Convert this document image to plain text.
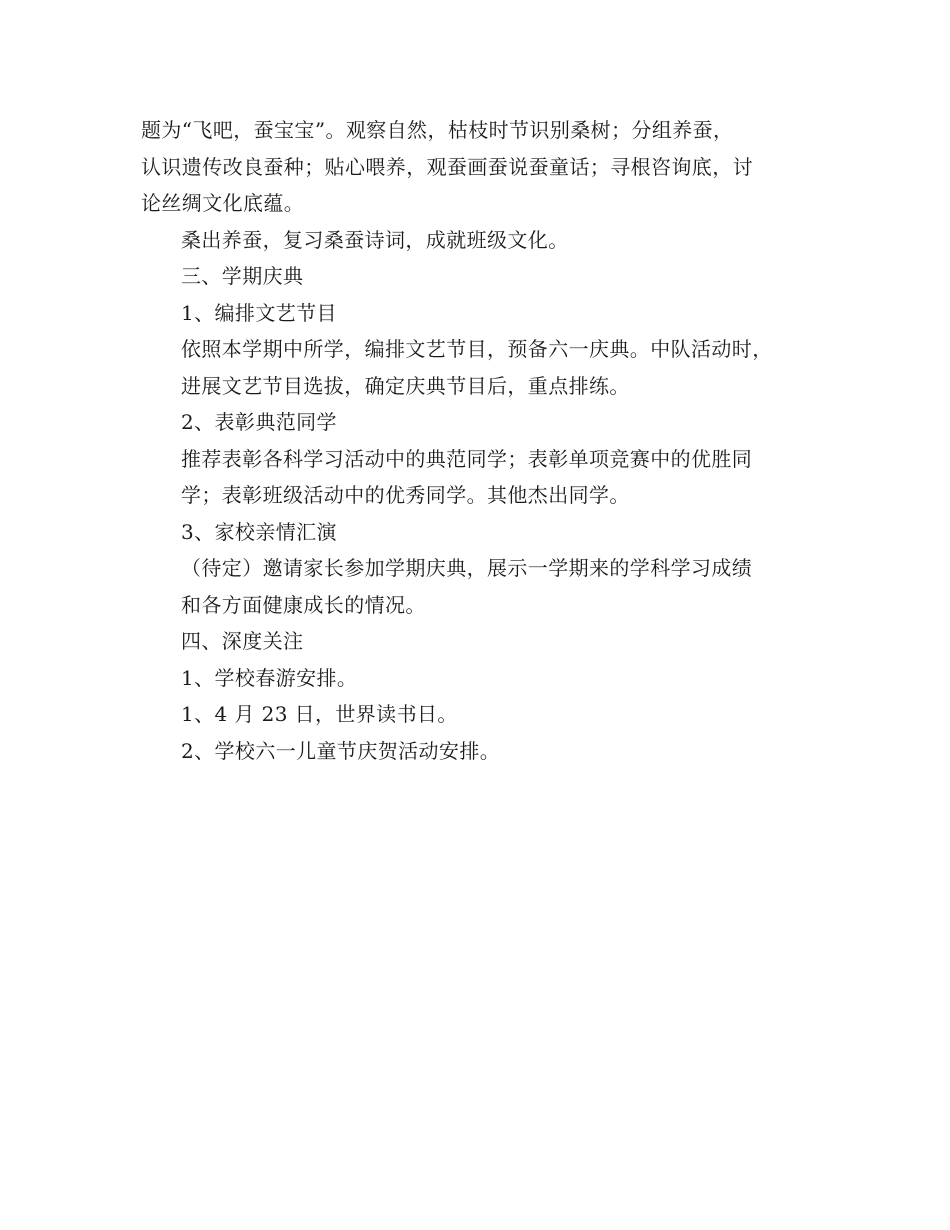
题为“飞吧，蚕宝宝”。观察自然，枯枝时节识别桑树；分组养蚕，
认识遗传改良蚕种；贴心喂养，观蚕画蚕说蚕童话；寻根咨询底，讨
论丝绸文化底蕴。

桑出养蚕，复习桑蚕诗词，成就班级文化。

三、学期庆典

1、编排文艺节目

依照本学期中所学，编排文艺节目，预备六一庆典。中队活动时，
进展文艺节目选拔，确定庆典节目后，重点排练。

2、表彰典范同学

推荐表彰各科学习活动中的典范同学；表彰单项竞赛中的优胜同
学；表彰班级活动中的优秀同学。其他杰出同学。

3、家校亲情汇演

（待定）邀请家长参加学期庆典，展示一学期来的学科学习成绩
和各方面健康成长的情况。

四、深度关注

1、学校春游安排。

1、4 月 23 日，世界读书日。

2、学校六一儿童节庆贺活动安排。
